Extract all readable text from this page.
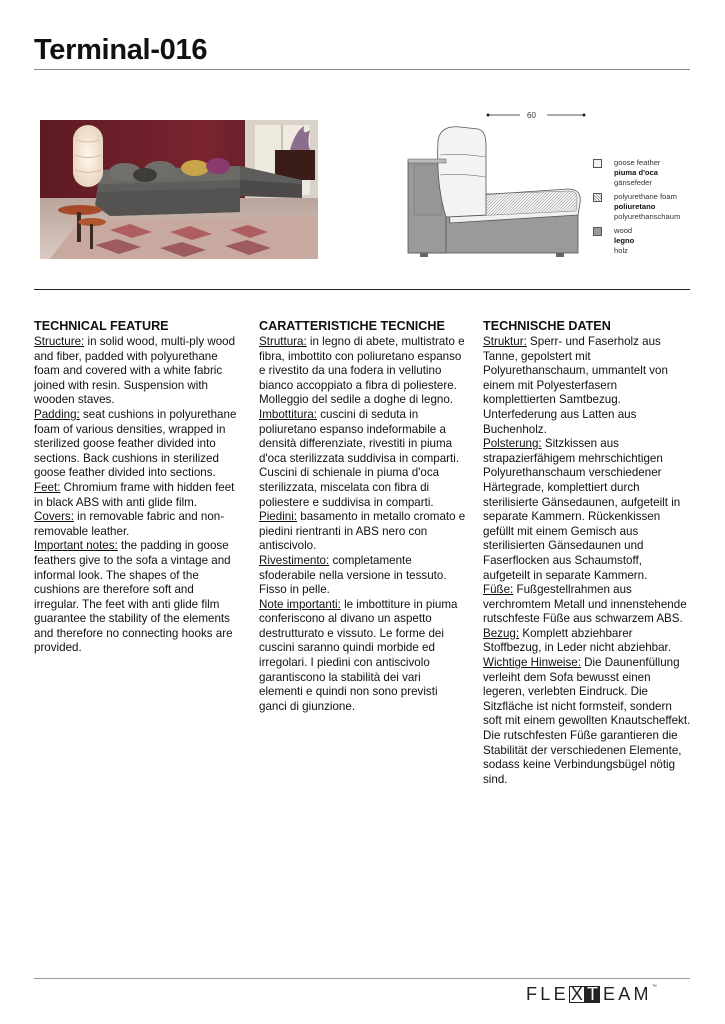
Terminal-016
60
goose feather
piuma d'oca
gänsefeder
polyurethane foam
poliuretano
polyurethanschaum
wood
legno
holz
TECHNICAL FEATURE

Structure: in solid wood, multi-ply wood and fiber, padded with polyurethane foam and covered with a white fabric joined with resin. Suspension with wooden staves.

Padding: seat cushions in polyurethane foam of various densities, wrapped in sterilized goose feather divided into sections. Back cushions in sterilized goose feather divided into sections.

Feet: Chromium frame with hidden feet in black ABS with anti glide film.

Covers: in removable fabric and non-removable leather.

Important notes: the padding in goose feathers give to the sofa a vintage and informal look. The shapes of the cushions are therefore soft and irregular. The feet with anti glide film guarantee the stability of the elements and therefore no connecting hooks are provided.

CARATTERISTICHE TECNICHE

Struttura: in legno di abete, multistrato e fibra, imbottito con poliuretano espanso e rivestito da una fodera in vellutino bianco accoppiato a fibra di poliestere. Molleggio del sedile a doghe di legno.

Imbottitura: cuscini di seduta in poliuretano espanso indeformabile a densità differenziate, rivestiti in piuma d'oca sterilizzata suddivisa in comparti. Cuscini di schienale in piuma d'oca sterilizzata, miscelata con fibra di poliestere e suddivisa in comparti.

Piedini: basamento in metallo cromato e piedini rientranti in ABS nero con antiscivolo.

Rivestimento: completamente sfoderabile nella versione in tessuto. Fisso in pelle.

Note importanti: le imbottiture in piuma conferiscono al divano un aspetto destrutturato e vissuto. Le forme dei cuscini saranno quindi morbide ed irregolari. I piedini con antiscivolo garantiscono la stabilità dei vari elementi e quindi non sono previsti ganci di giunzione.

TECHNISCHE DATEN

Struktur: Sperr- und Faserholz aus Tanne, gepolstert mit Polyurethanschaum, ummantelt von einem mit Polyesterfasern komplettierten Samtbezug. Unterfederung aus Latten aus Buchenholz.

Polsterung: Sitzkissen aus strapazierfähigem mehrschichtigen Polyurethanschaum verschiedener Härtegrade, komplettiert durch sterilisierte Gänsedaunen, aufgeteilt in separate Kammern. Rückenkissen gefüllt mit einem Gemisch aus sterilisierten Gänsedaunen und Faserflocken aus Schaumstoff, aufgeteilt in separate Kammern.

Füße: Fußgestellrahmen aus verchromtem Metall und innenstehende rutschfeste Füße aus schwarzem ABS.

Bezug: Komplett abziehbarer Stoffbezug, in Leder nicht abziehbar.

Wichtige Hinweise: Die Daunenfüllung verleiht dem Sofa bewusst einen legeren, verlebten Eindruck. Die Sitzfläche ist nicht formsteif, sondern soft mit einem gewollten Knautscheffekt. Die rutschfesten Füße garantieren die Stabilität der verschiedenen Elemente, sodass keine Verbindungsbügel nötig sind.

FLE X T EAM™
